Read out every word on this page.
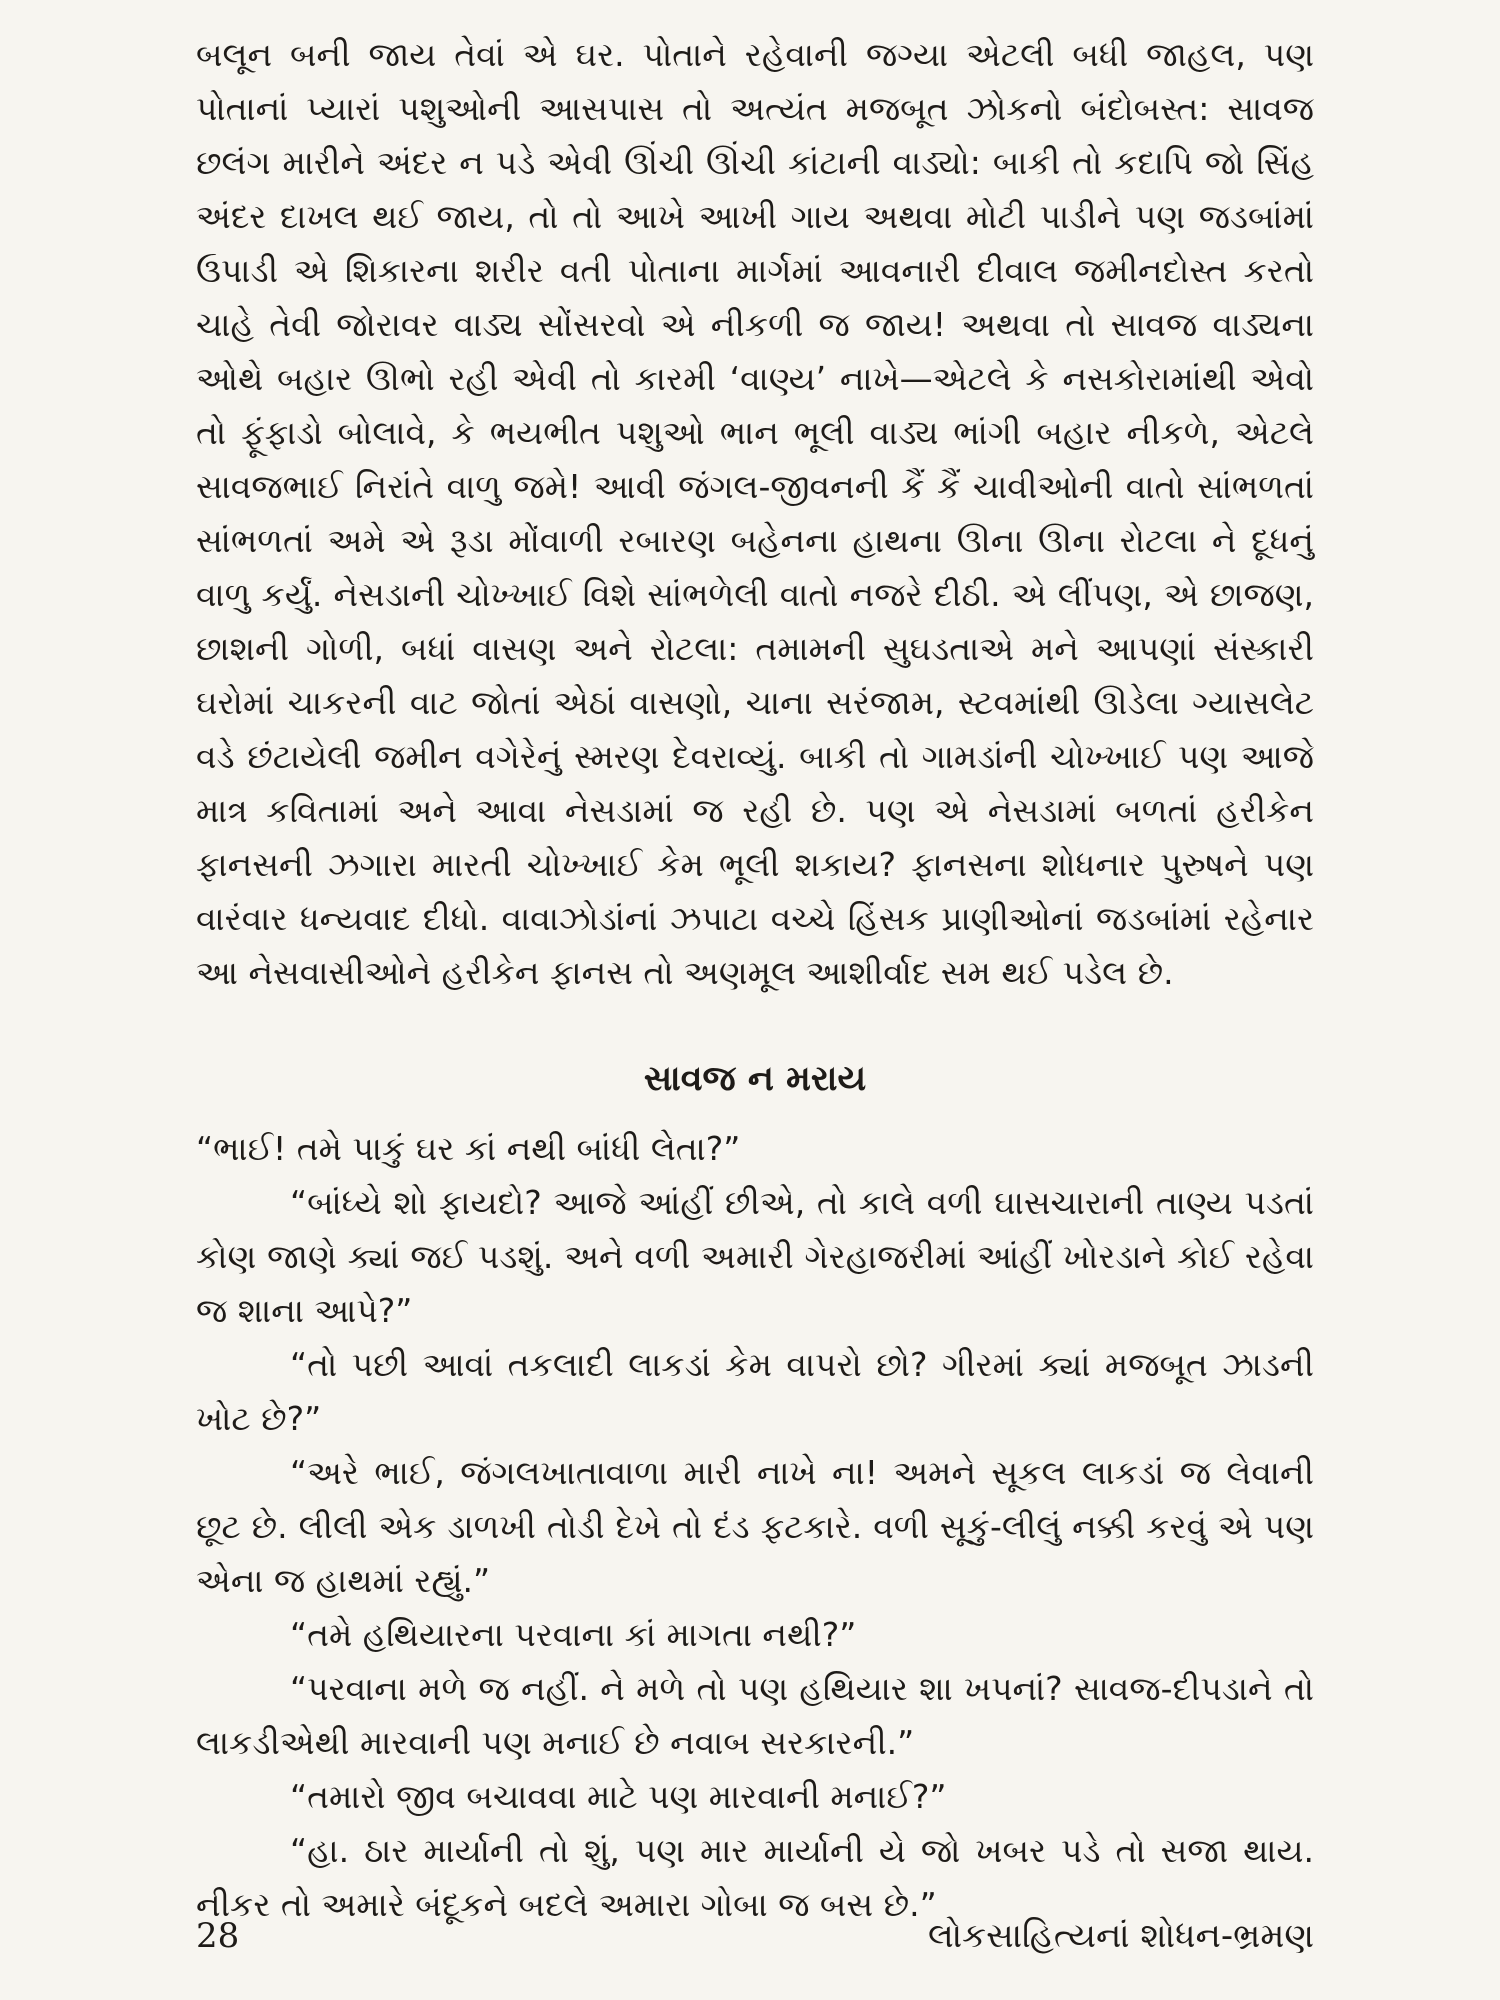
બલૂન બની જાય તેવાં એ ઘર. પોતાને રહેવાની જગ્યા એટલી બધી જાહલ, પણ પોતાનાં પ્યારાં પશુઓની આસપાસ તો અત્યંત મજબૂત ઝોકનો બંદોબસ્ત: સાવજ છલંગ મારીને અંદર ન પડે એવી ઊંચી ઊંચી કાંટાની વાડ્યો: બાકી તો કદાપિ જો સિંહ અંદર દાખલ થઈ જાય, તો તો આખે આખી ગાય અથવા મોટી પાડીને પણ જડબાંમાં ઉપાડી એ શિકારના શરીર વતી પોતાના માર્ગમાં આવનારી દીવાલ જમીનદોસ્ત કરતો ચાહે તેવી જોરાવર વાડ્ય સોંસરવો એ નીકળી જ જાય! અથવા તો સાવજ વાડ્યના ઓથે બહાર ઊભો રહી એવી તો કારમી ‘વાણ્ય’ નાખે—એટલે કે નસકોરામાંથી એવો તો ફૂંફાડો બોલાવે, કે ભયભીત પશુઓ ભાન ભૂલી વાડ્ય ભાંગી બહાર નીકળે, એટલે સાવજભાઈ નિરાંતે વાળુ જમે! આવી જંગલ-જીવનની કૈં કૈં ચાવીઓની વાતો સાંભળતાં સાંભળતાં અમે એ રૂડા મોંવાળી રબારણ બહેનના હાથના ઊના ઊના રોટલા ને દૂધનું વાળુ કર્યું. નેસડાની ચોખ્ખાઈ વિશે સાંભળેલી વાતો નજરે દીઠી. એ લીંપણ, એ છાજણ, છાશની ગોળી, બધાં વાસણ અને રોટલા: તમામની સુઘડતાએ મને આપણાં સંસ્કારી ઘરોમાં ચાકરની વાટ જોતાં એઠાં વાસણો, ચાના સરંજામ, સ્ટવમાંથી ઊડેલા ગ્યાસલેટ વડે છંટાયેલી જમીન વગેરેનું સ્મરણ દેવરાવ્યું. બાકી તો ગામડાંની ચોખ્ખાઈ પણ આજે માત્ર કવિતામાં અને આવા નેસડામાં જ રહી છે. પણ એ નેસડામાં બળતાં હરીકેન ફાનસની ઝગારા મારતી ચોખ્ખાઈ કેમ ભૂલી શકાય? ફાનસના શોધનાર પુરુષને પણ વારંવાર ધન્યવાદ દીધો. વાવાઝોડાંનાં ઝપાટા વચ્ચે હિંસક પ્રાણીઓનાં જડબાંમાં રહેનાર આ નેસવાસીઓને હરીકેન ફાનસ તો અણમૂલ આશીર્વાદ સમ થઈ પડેલ છે.

સાવજ ન મરાય

“ભાઈ! તમે પાકું ઘર કાં નથી બાંધી લેતા?”

“બાંધ્યે શો ફાયદો? આજે આંહીં છીએ, તો કાલે વળી ઘાસચારાની તાણ્ય પડતાં કોણ જાણે ક્યાં જઈ પડશું. અને વળી અમારી ગેરહાજરીમાં આંહીં ખોરડાને કોઈ રહેવા જ શાના આપે?”

“તો પછી આવાં તકલાદી લાકડાં કેમ વાપરો છો? ગીરમાં ક્યાં મજબૂત ઝાડની ખોટ છે?”

“અરે ભાઈ, જંગલખાતાવાળા મારી નાખે ના! અમને સૂકલ લાકડાં જ લેવાની છૂટ છે. લીલી એક ડાળખી તોડી દેખે તો દંડ ફટકારે. વળી સૂકું-લીલું નક્કી કરવું એ પણ એના જ હાથમાં રહ્યું.”

“તમે હથિયારના પરવાના કાં માગતા નથી?”

“પરવાના મળે જ નહીં. ને મળે તો પણ હથિયાર શા ખપનાં? સાવજ-દીપડાને તો લાકડીએથી મારવાની પણ મનાઈ છે નવાબ સરકારની.”

“તમારો જીવ બચાવવા માટે પણ મારવાની મનાઈ?”

“હા. ઠાર માર્યાની તો શું, પણ માર માર્યાની યે જો ખબર પડે તો સજા થાય. નીકર તો અમારે બંદૂકને બદલે અમારા ગોબા જ બસ છે.”

28	લોકસાહિત્યનાં શોધન-ભ્રમણ
